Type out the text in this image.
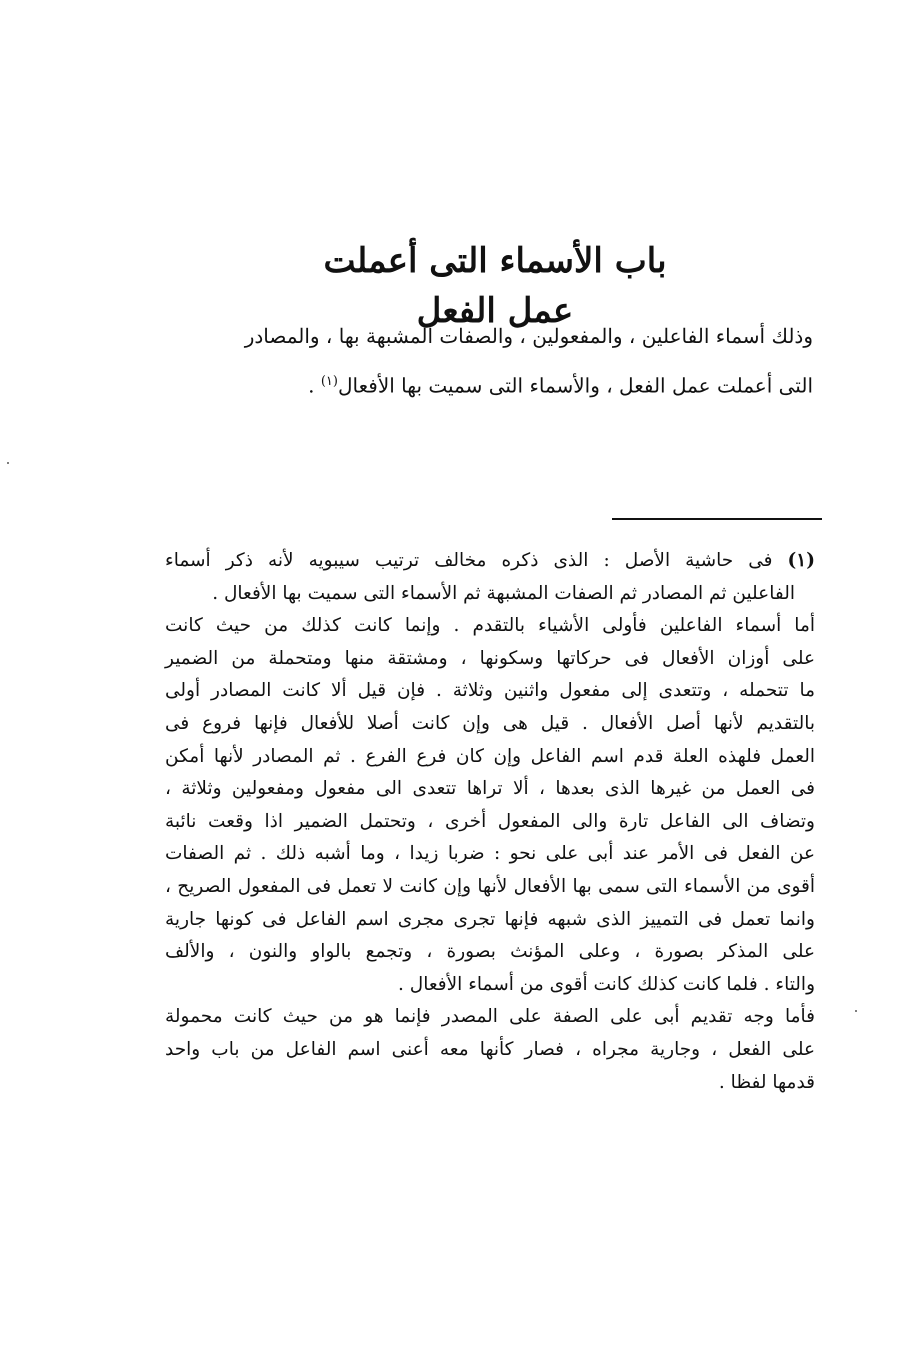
باب الأسماء التى أعملت عمل الفعل
وذلك أسماء الفاعلين ، والمفعولين ، والصفات المشبهة بها ، والمصادر
التى أعملت عمل الفعل ، والأسماء التى سميت بها الأفعال$^{(١)}$ .
(١) فى حاشية الأصل : الذى ذكره مخالف ترتيب سيبويه لأنه ذكر أسماء
الفاعلين ثم المصادر ثم الصفات المشبهة ثم الأسماء التى سميت بها الأفعال .
أما أسماء الفاعلين فأولى الأشياء بالتقدم . وإنما كانت كذلك من حيث كانت
على أوزان الأفعال فى حركاتها وسكونها ، ومشتقة منها ومتحملة من الضمير
ما تتحمله ، وتتعدى إلى مفعول واثنين وثلاثة . فإن قيل ألا كانت المصادر أولى
بالتقديم لأنها أصل الأفعال . قيل هى وإن كانت أصلا للأفعال فإنها فروع فى
العمل فلهذه العلة قدم اسم الفاعل وإن كان فرع الفرع . ثم المصادر لأنها أمكن
فى العمل من غيرها الذى بعدها ، ألا تراها تتعدى الى مفعول ومفعولين وثلاثة ،
وتضاف الى الفاعل تارة والى المفعول أخرى ، وتحتمل الضمير اذا وقعت نائبة
عن الفعل فى الأمر عند أبى على نحو : ضربا زيدا ، وما أشبه ذلك . ثم الصفات
أقوى من الأسماء التى سمى بها الأفعال لأنها وإن كانت لا تعمل فى المفعول الصريح ،
وانما تعمل فى التمييز الذى شبهه فإنها تجرى مجرى اسم الفاعل فى كونها جارية
على المذكر بصورة ، وعلى المؤنث بصورة ، وتجمع بالواو والنون ، والألف
والتاء . فلما كانت كذلك كانت أقوى من أسماء الأفعال .
فأما وجه تقديم أبى على الصفة على المصدر فإنما هو من حيث كانت محمولة
على الفعل ، وجارية مجراه ، فصار كأنها معه أعنى اسم الفاعل من باب واحد
قدمها لفظا .
